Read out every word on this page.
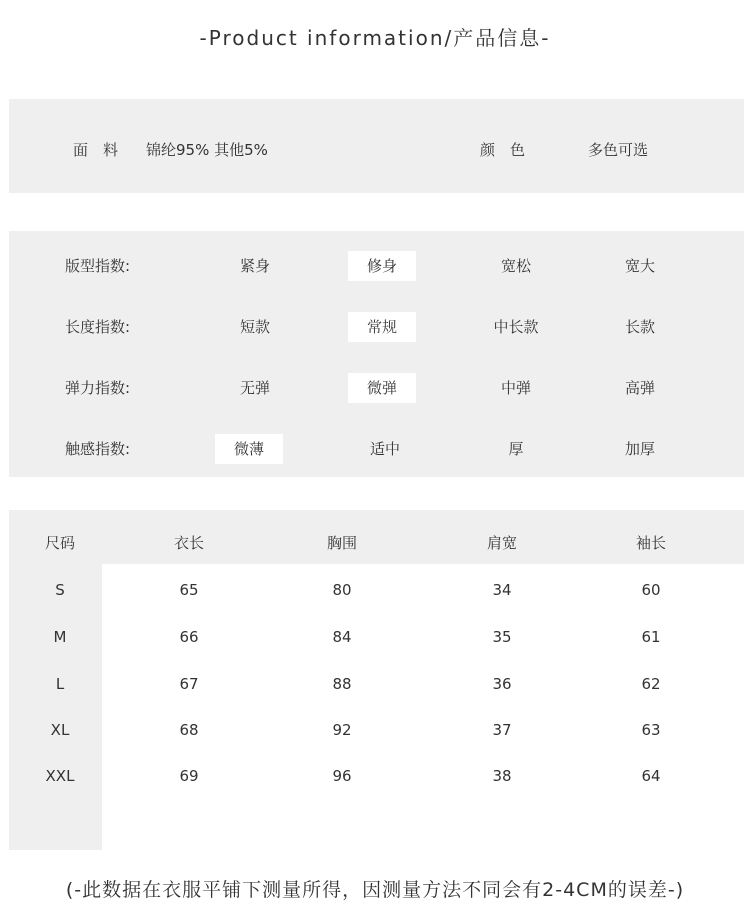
-Product information/产品信息-
面　料 锦纶95% 其他5%	颜　色	多色可选
版型指数:	紧身	修身	宽松	宽大
长度指数:	短款	常规	中长款	长款
弹力指数:	无弹	微弹	中弹	高弹
触感指数:	微薄	适中	厚	加厚
尺码	衣长	胸围	肩宽	袖长
S	65	80	34	60
M	66	84	35	61
L	67	88	36	62
XL	68	92	37	63
XXL	69	96	38	64
(-此数据在衣服平铺下测量所得，因测量方法不同会有2-4CM的误差-)
